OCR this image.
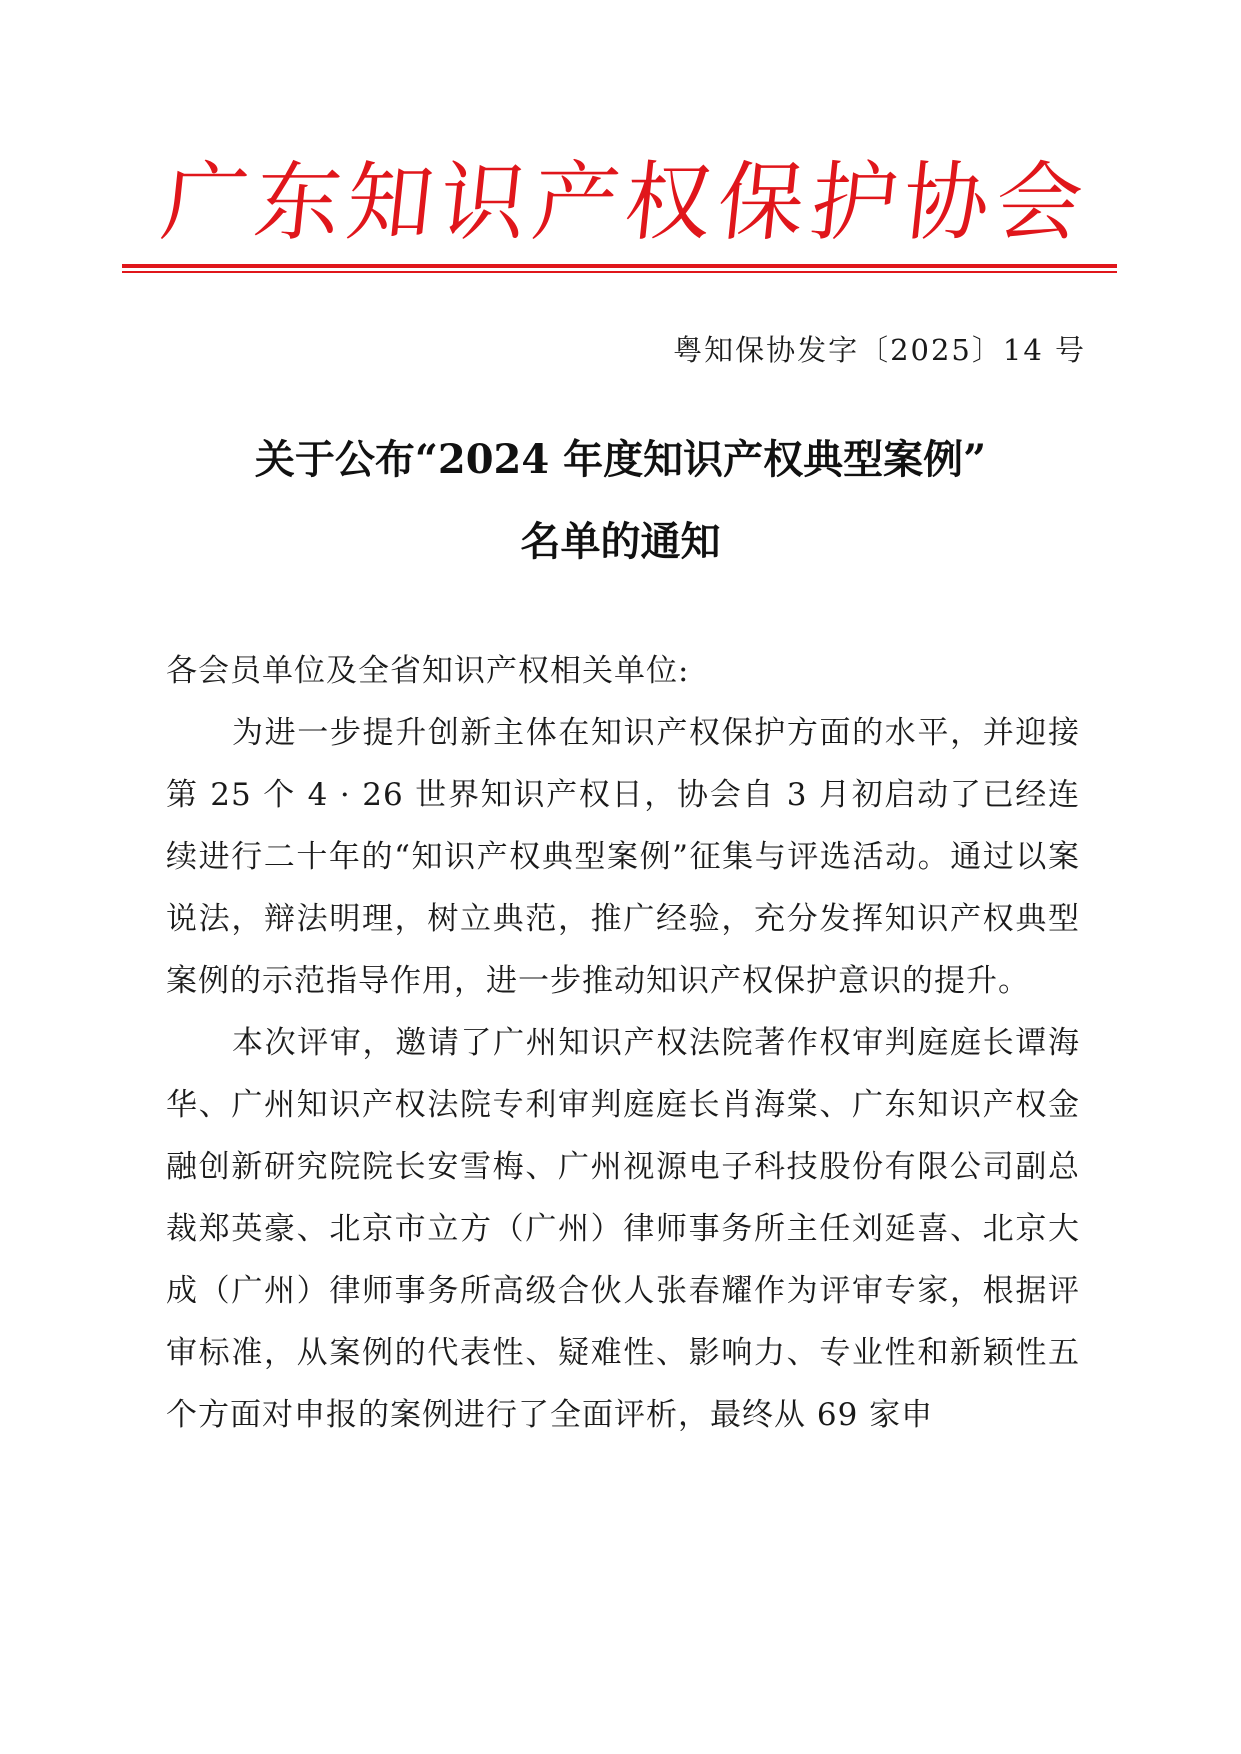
广
东
知
识
产
权
保
护
协
会
粤知保协发字〔2025〕14 号
关于公布“2024 年度知识产权典型案例”
名单的通知

各会员单位及全省知识产权相关单位:

为进一步提升创新主体在知识产权保护方面的水平，并迎接第 25 个 4 · 26 世界知识产权日，协会自 3 月初启动了已经连续进行二十年的“知识产权典型案例”征集与评选活动。通过以案说法，辩法明理，树立典范，推广经验，充分发挥知识产权典型案例的示范指导作用，进一步推动知识产权保护意识的提升。

本次评审，邀请了广州知识产权法院著作权审判庭庭长谭海华、广州知识产权法院专利审判庭庭长肖海棠、广东知识产权金融创新研究院院长安雪梅、广州视源电子科技股份有限公司副总裁郑英豪、北京市立方（广州）律师事务所主任刘延喜、北京大成（广州）律师事务所高级合伙人张春耀作为评审专家，根据评审标准，从案例的代表性、疑难性、影响力、专业性和新颖性五个方面对申报的案例进行了全面评析，最终从 69 家申
